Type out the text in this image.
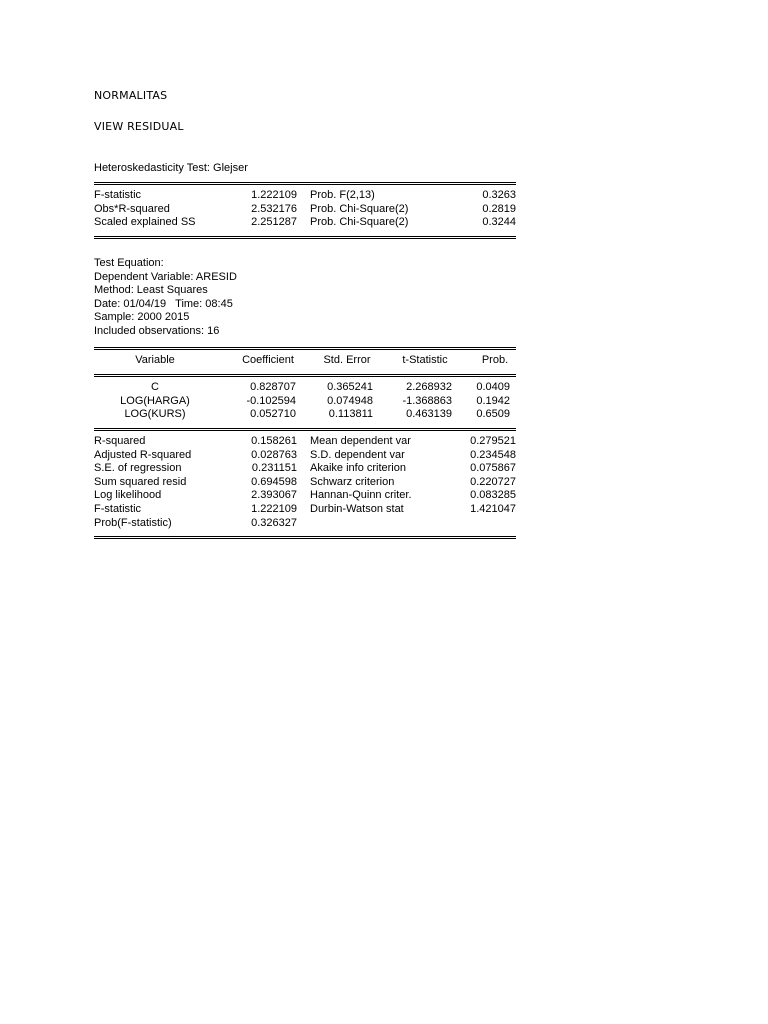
NORMALITAS
VIEW RESIDUAL
Heteroskedasticity Test: Glejser
F-statistic	1.222109 Prob. F(2,13)	0.3263
Obs*R-squared	2.532176 Prob. Chi-Square(2)	0.2819
Scaled explained SS	2.251287 Prob. Chi-Square(2)	0.3244
Test Equation:
Dependent Variable: ARESID
Method: Least Squares
Date: 01/04/19   Time: 08:45
Sample: 2000 2015
Included observations: 16
Variable	Coefficient	Std. Error	t-Statistic	Prob.
C	0.828707	0.365241	2.268932 0.0409
LOG(HARGA)	-0.102594	0.074948	-1.368863 0.1942
LOG(KURS)	0.052710	0.113811	0.463139 0.6509
R-squared	0.158261 Mean dependent var	0.279521
Adjusted R-squared	0.028763 S.D. dependent var	0.234548
S.E. of regression	0.231151 Akaike info criterion	0.075867
Sum squared resid	0.694598 Schwarz criterion	0.220727
Log likelihood	2.393067 Hannan-Quinn criter.	0.083285
F-statistic	1.222109 Durbin-Watson stat	1.421047
Prob(F-statistic)	0.326327
